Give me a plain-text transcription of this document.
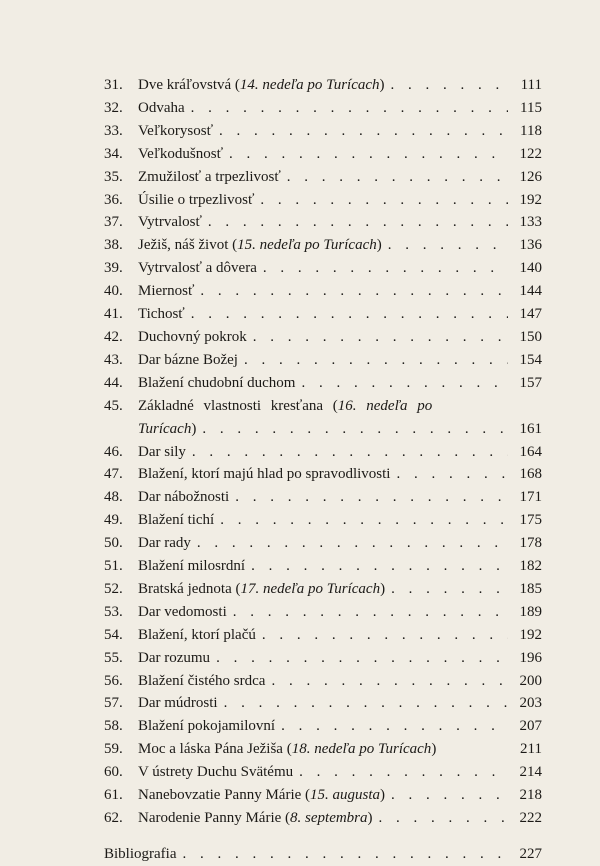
31.	Dve kráľovstvá ( 14. nedeľa po Turícach ) . . .	111
32.	Odvaha . . .	115
33.	Veľkorysosť . . .	118
34.	Veľkodušnosť . . .	122
35.	Zmužilosť a trpezlivosť . . .	126
36.	Úsilie o trpezlivosť . . .	192
37.	Vytrvalosť . . .	133
38.	Ježiš, náš život ( 15. nedeľa po Turícach ) . . .	136
39.	Vytrvalosť a dôvera . . .	140
40.	Miernosť . . .	144
41.	Tichosť . . .	147
42.	Duchovný pokrok . . .	150
43.	Dar bázne Božej . . .	154
44.	Blažení chudobní duchom . . .	157
45.	Základné vlastnosti kresťana ( 16. nedeľa po
Turícach ) . . .	161
46.	Dar sily . . .	164
47.	Blažení, ktorí majú hlad po spravodlivosti . . .	168
48.	Dar nábožnosti . . .	171
49.	Blažení tichí . . .	175
50.	Dar rady . . .	178
51.	Blažení milosrdní . . .	182
52.	Bratská jednota ( 17. nedeľa po Turícach ) . . .	185
53.	Dar vedomosti . . .	189
54.	Blažení, ktorí plačú . . .	192
55.	Dar rozumu . . .	196
56.	Blažení čistého srdca . . .	200
57.	Dar múdrosti . . .	203
58.	Blažení pokojamilovní . . .	207
59.	Moc a láska Pána Ježiša ( 18. nedeľa po Turícach )	211
60.	V ústrety Duchu Svätému . . .	214
61.	Nanebovzatie Panny Márie ( 15. augusta ) . . .	218
62.	Narodenie Panny Márie ( 8. septembra ) . . .	222
Bibliografia . . .	227
